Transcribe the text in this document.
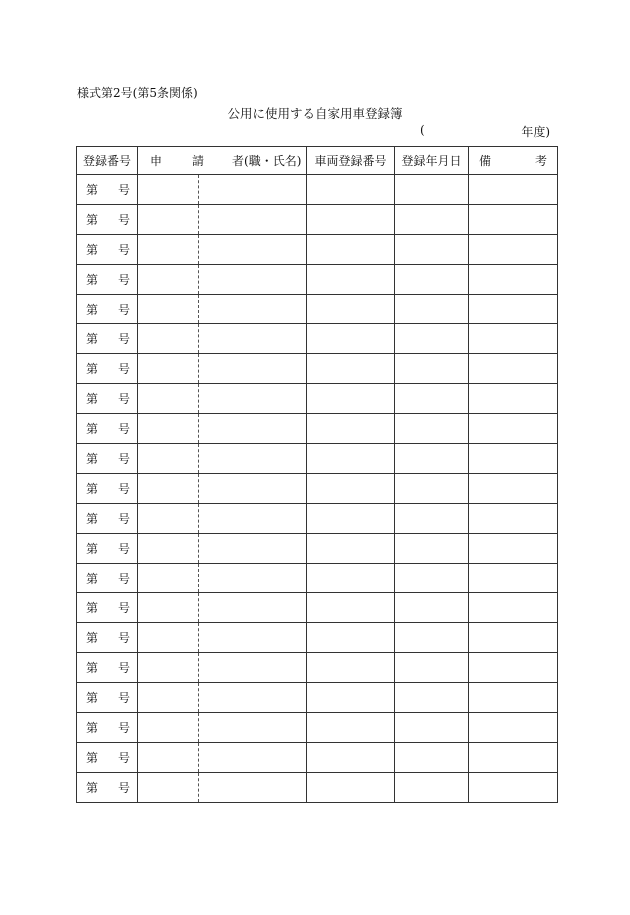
様式第2号(第5条関係)
公用に使用する自家用車登録簿
(	年度)
登録番号	申 請 者(職・氏名)		車両登録番号	登録年月日	備 考

第 号					
第 号					
第 号					
第 号					
第 号					
第 号					
第 号					
第 号					
第 号					
第 号					
第 号					
第 号					
第 号					
第 号					
第 号					
第 号					
第 号					
第 号					
第 号					
第 号					
第 号					
